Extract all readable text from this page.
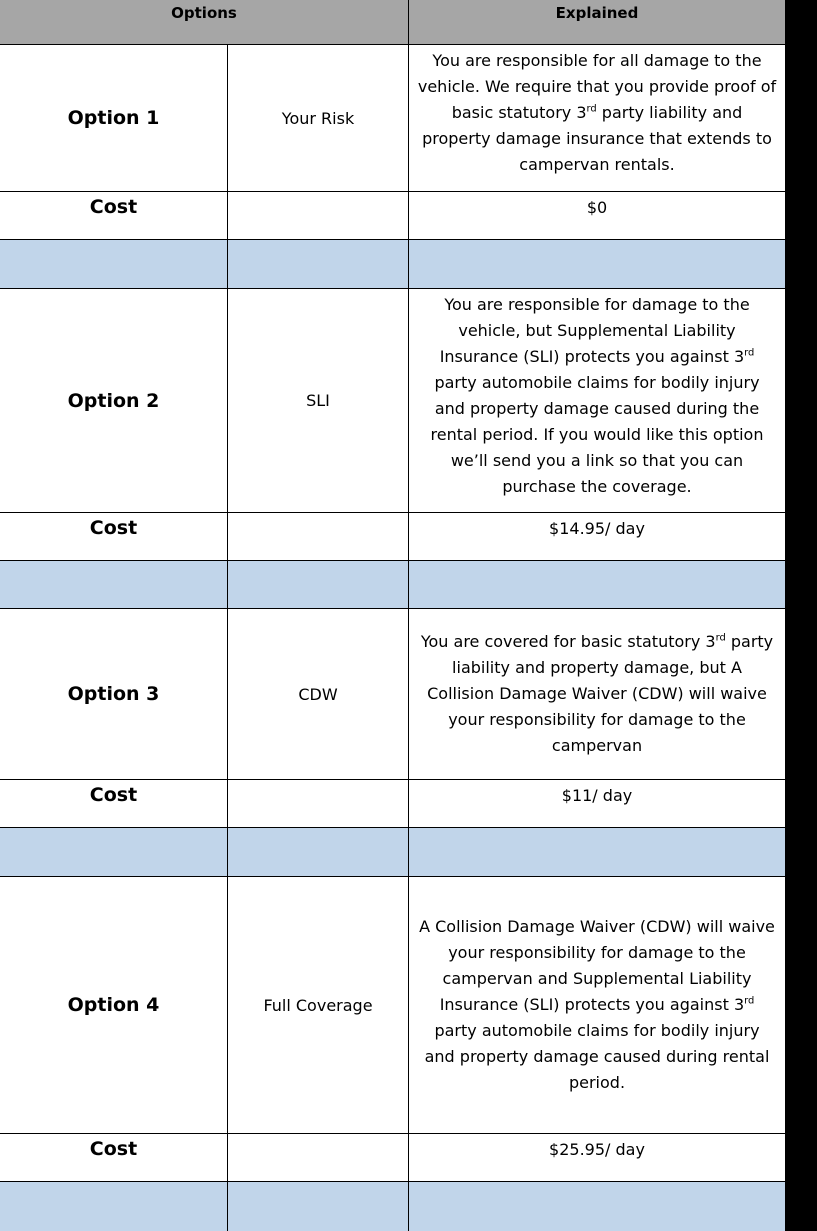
Options	Explained
Option 1	Your Risk
You are responsible for all damage to the vehicle. We require that you provide proof of basic statutory 3rd party liability and property damage insurance that extends to campervan rentals.
Cost	$0
Option 2	SLI
You are responsible for damage to the vehicle, but Supplemental Liability Insurance (SLI) protects you against 3rd party automobile claims for bodily injury and property damage caused during the rental period. If you would like this option we’ll send you a link so that you can purchase the coverage.
Cost	$14.95/ day
Option 3	CDW
You are covered for basic statutory 3rd party liability and property damage, but A Collision Damage Waiver (CDW) will waive your responsibility for damage to the campervan
Cost	$11/ day
Option 4	Full Coverage
A Collision Damage Waiver (CDW) will waive your responsibility for damage to the campervan and Supplemental Liability Insurance (SLI) protects you against 3rd party automobile claims for bodily injury and property damage caused during rental period.
Cost	$25.95/ day
